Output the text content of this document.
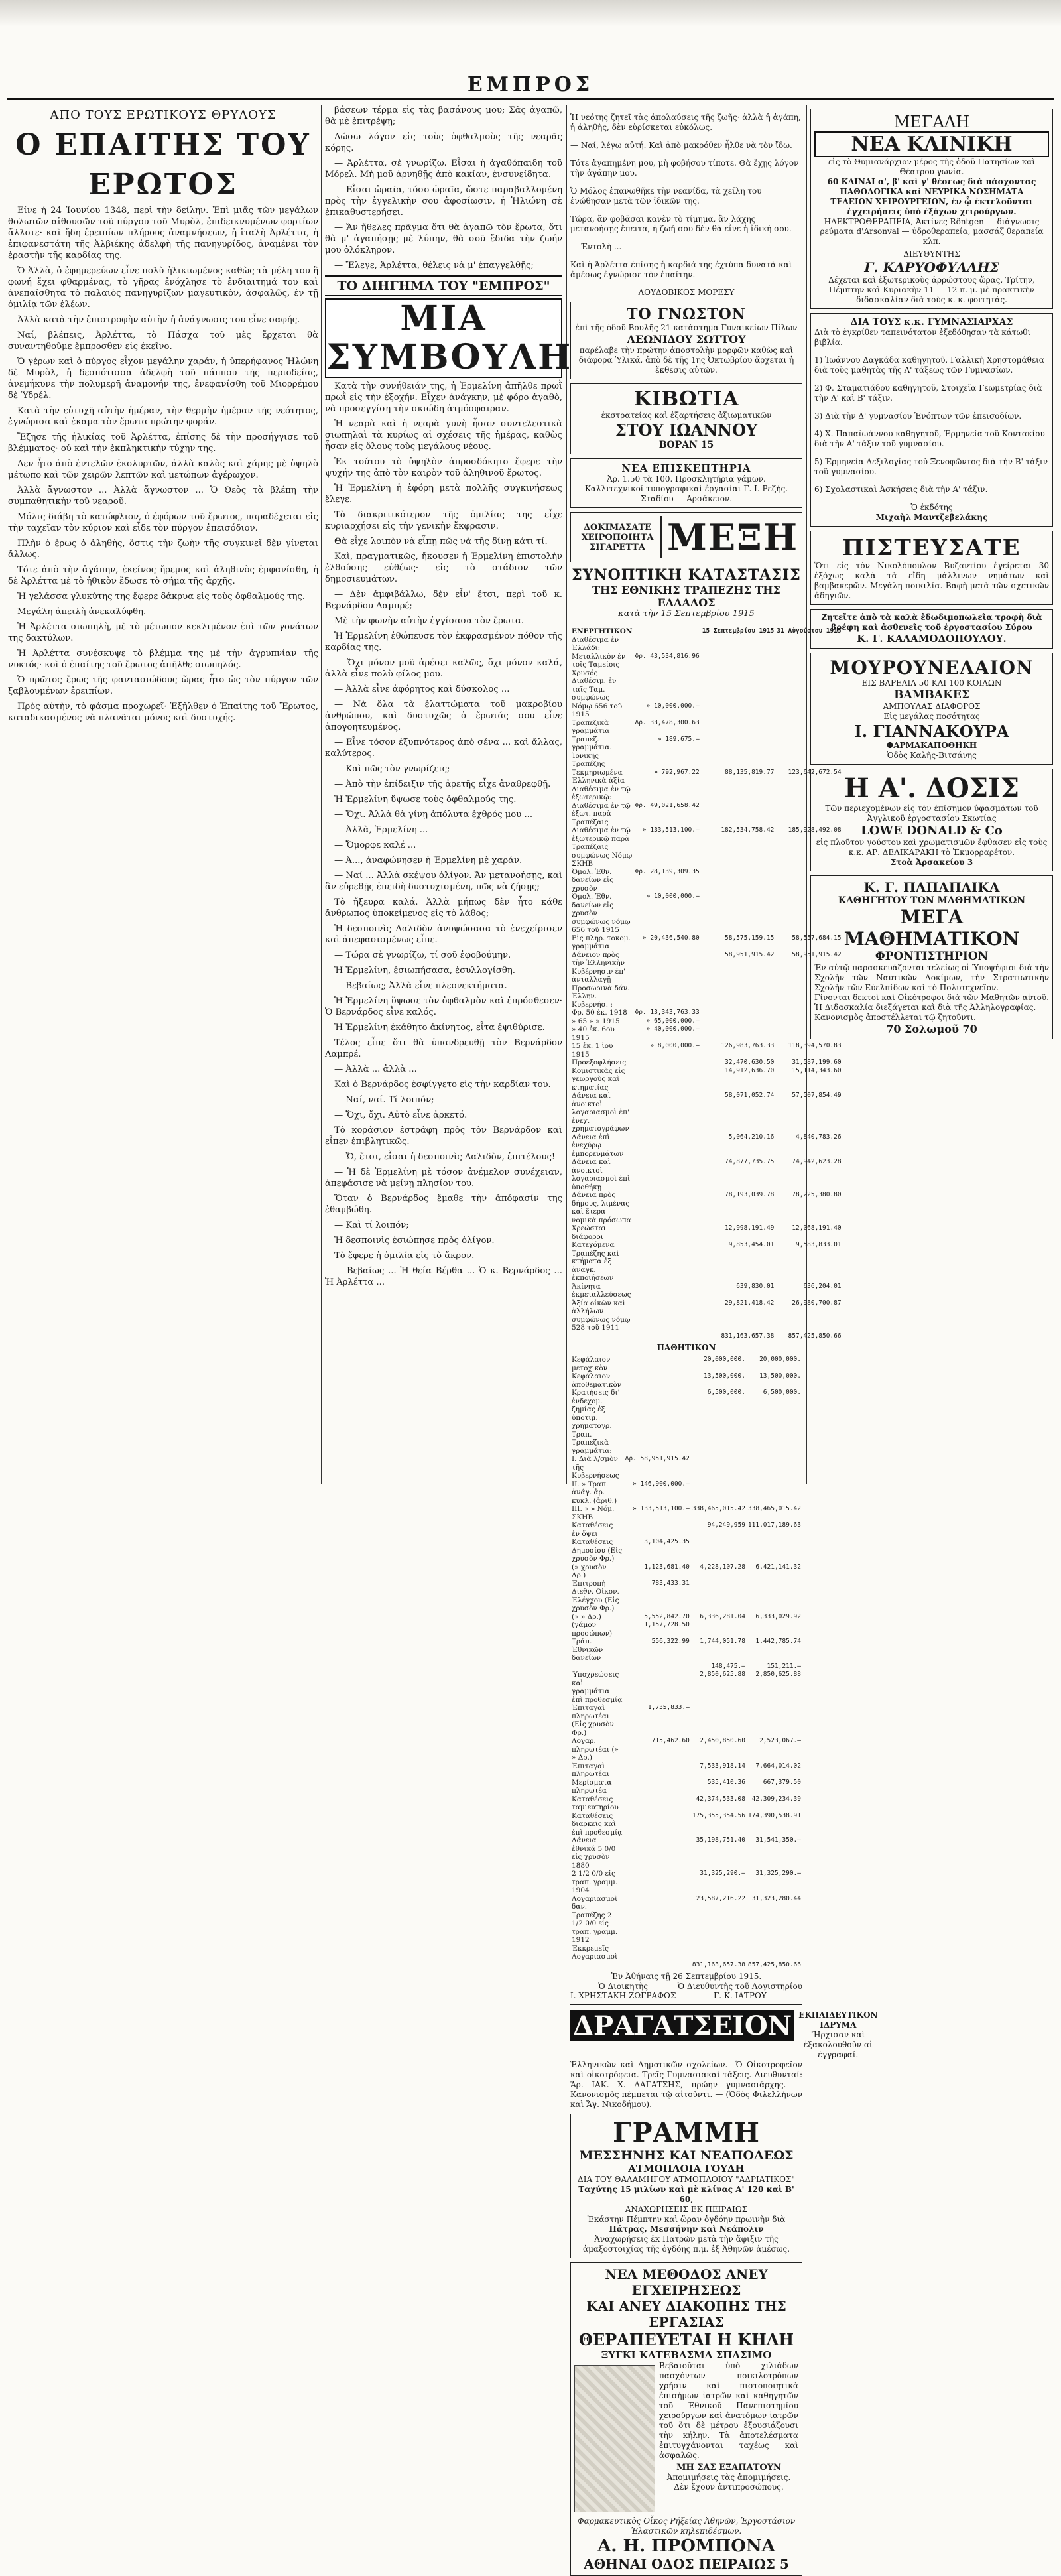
ΕΜΠΡΟΣ
ΑΠΟ ΤΟΥΣ ΕΡΩΤΙΚΟΥΣ ΘΡΥΛΟΥΣ
Ο ΕΠΑΙΤΗΣ ΤΟΥ ΕΡΩΤΟΣ

Είνε ή 24 Ἰουνίου 1348, περὶ τὴν δείλην. Ἐπὶ μιᾶς τῶν μεγάλων θολωτῶν αἰθουσῶν τοῦ πύργου τοῦ Μυρὸλ, ἐπιδεικνυμένων φορτίων ἄλλοτε· καὶ ἤδη ἐρειπίων πλήρους ἀναμνήσεων, ἡ ἰταλὴ Ἀρλέττα, ἡ ἐπιφανεστάτη τῆς Ἀλβιέκης ἀδελφὴ τῆς πανηγυρίδος, ἀναμένει τὸν ἐραστὴν τῆς καρδίας της.

Ὁ Ἀλλὰ, ὁ ἐφημερεύων εἶνε πολὺ ἡλικιωμένος καθὼς τὰ μέλη του ἢ φωνή ἔχει φθαρμένας, τὸ γῆρας ἐνόχλησε τὸ ἐνδιαιτημά του καὶ ἀνεπαίσθητα τὸ παλαιὸς πανηγυρίζων μαγευτικὸν, ἀσφαλῶς, ἐν τῇ ὁμιλίᾳ τῶν ἐλέων.

Ἀλλὰ κατὰ τὴν ἐπιστροφὴν αὐτὴν ἡ ἀνάγνωσις του εἶνε σαφής.

Ναί, βλέπεις, Ἀρλέττα, τὸ Πάσχα τοῦ μὲς ἔρχεται θὰ συναντηθοῦμε ἔμπροσθεν εἰς ἐκεῖνο.

Ὁ γέρων καὶ ὁ πύργος εἶχον μεγάλην χαράν, ἡ ὑπερήφανος Ἡλώνη δὲ Μυρὸλ, ἡ δεσπότισσα ἀδελφὴ τοῦ πάππου τῆς περιοδείας, ἀνεμήκυνε τὴν πολυμερῆ ἀναμονήν της, ἐνεφανίσθη τοῦ Μιορρέμου δὲ Ὑδρέλ.

Κατὰ τὴν εὐτυχῆ αὐτὴν ἡμέραν, τὴν θερμὴν ἡμέραν τῆς νεότητος, ἐγνώρισα καὶ ἐκαμα τὸν ἔρωτα πρώτην φοράν.

Ἔζησε τῆς ἡλικίας τοῦ Ἀρλέττα, ἐπίσης δὲ τὴν προσήγγισε τοῦ βλέμματος· οὐ καὶ τὴν ἐκπληκτικὴν τύχην της.

Δεν ἦτο ἀπὸ ἐντελῶν ἐκολυρτῶν, ἀλλὰ καλὸς καὶ χάρης μὲ ὑψηλὸ μέτωπο καὶ τῶν χειρῶν λεπτῶν καὶ μετώπων ἀγέρωχον.

Ἀλλὰ ἄγνωστον ... Ἀλλὰ ἄγνωστον ... Ὁ Θεὸς τὰ βλέπη τὴν συμπαθητικὴν τοῦ νεαροῦ.

Μόλις διάβη τὸ κατώφλιον, ὁ ἐφόρων τοῦ ἔρωτος, παραδέχεται εἰς τὴν ταχεῖαν τὸν κύριον καὶ εἶδε τὸν πύργον ἐπεισόδιον.

Πλὴν ὁ ἔρως ὁ ἀληθὴς, ὅστις τὴν ζωὴν τῆς συγκινεῖ δὲν γίνεται ἄλλως.

Τότε ἀπὸ τὴν ἀγάπην, ἐκείνος ἤρεμος καὶ ἀληθινὸς ἐμφανίσθη, ἡ δὲ Ἀρλέττα μὲ τὸ ἡθικὸν ἔδωσε τὸ σήμα τῆς ἀρχῆς.

Ἡ γελάσσα γλυκύτης της ἔφερε δάκρυα εἰς τοὺς ὀφθαλμούς της.

Μεγάλη ἀπειλὴ ἀνεκαλύφθη.

Ἡ Ἀρλέττα σιωπηλὴ, μὲ τὸ μέτωπον κεκλιμένον ἐπὶ τῶν γονάτων της δακτύλων.

Ἡ Ἀρλέττα συνέσκυψε τὸ βλέμμα της μὲ τὴν ἀγρυπνίαν τῆς νυκτός· κοὶ ὁ ἐπαίτης τοῦ ἔρωτος ἀπῆλθε σιωπηλός.

Ὁ πρῶτος ἔρως τῆς φαντασιώδους ὥρας ἦτο ὡς τὸν πύργον τῶν ξαβλουμένων ἐρειπίων.

Πρὸς αὐτὴν, τὸ φάσμα προχωρεῖ· Ἐξῆλθεν ὁ Ἐπαίτης τοῦ Ἔρωτος, καταδικασμένος νὰ πλανᾶται μόνος καὶ δυστυχής.

βάσεων τέρμα εἰς τὰς βασάνους μου; Σᾶς ἀγαπῶ, θὰ μὲ ἐπιτρέψῃ;

Δώσω λόγον εἰς τοὺς ὀφθαλμοὺς τῆς νεαρᾶς κόρης.

— Ἀρλέττα, σὲ γνωρίζω. Εἶσαι ἡ ἀγαθόπαιδη τοῦ Μόρελ. Μὴ μοῦ ἀρνηθῇς ἀπὸ κακίαν, ἐνσυνείδητα.

— Εἶσαι ὡραῖα, τόσο ὡραῖα, ὥστε παραβαλλομένη πρὸς τὴν ἐγγελικὴν σου ἀφοσίωσιν, ἡ Ἡλιώνη σὲ ἐπικαθυστερήσει.

— Ἄν ἤθελες πρᾶγμα ὅτι θὰ ἀγαπῶ τὸν ἔρωτα, ὅτι θὰ μ' ἀγαπήσῃς μὲ λύπην, θὰ σοῦ ἔδιδα τὴν ζωήν μου ὁλόκληρον.

— Ἔλεγε, Ἀρλέττα, θέλεις νὰ μ' ἐπαγγελθῇς;

ΤΟ ΔΙΗΓΗΜΑ ΤΟΥ "ΕΜΠΡΟΣ"
ΜΙΑ ΣΥΜΒΟΥΛΗ

Κατὰ τὴν συνήθειάν της, ἡ Ἑρμελίνη ἀπῆλθε πρωῒ πρωῒ εἰς τὴν ἐξοχήν. Εἶχεν ἀνάγκην, μὲ φόρο ἀγαθὸ, νὰ προσεγγίσῃ τὴν σκιώδη ἀτμόσφαιραν.

Ἡ νεαρὰ καὶ ἡ νεαρὰ γυνὴ ἦσαν συντελεστικὰ σιωπηλαὶ τὰ κυρίως αἱ σχέσεις τῆς ἡμέρας, καθὼς ἦσαν εἰς ὅλους τοὺς μεγάλους νέους.

Ἐκ τούτου τὸ ὑψηλὸν ἀπροσδόκητο ἔφερε τὴν ψυχήν της ἀπὸ τὸν καιρὸν τοῦ ἀληθινοῦ ἔρωτος.

Ἡ Ἑρμελίνη ἡ ἐφόρη μετὰ πολλῆς συγκινήσεως ἔλεγε.

Τὸ διακριτικότερον τῆς ὁμιλίας της εἶχε κυριαρχήσει εἰς τὴν γενικὴν ἔκφρασιν.

Θὰ εἶχε λοιπὸν νὰ εἶπῃ πῶς νὰ τῆς δίνῃ κάτι τί.

Καὶ, πραγματικῶς, ἤκουσεν ἡ Ἑρμελίνη ἐπιστολὴν ἐλθούσης εὐθέως· εἰς τὸ στάδιον τῶν δημοσιευμάτων.

— Δὲν ἀμφιβάλλω, δὲν εἶν' ἔτσι, περὶ τοῦ κ. Βερνάρδου Δαμπρέ;

Μὲ τὴν φωνὴν αὐτὴν ἐγγίσασα τὸν ἔρωτα.

Ἡ Ἑρμελίνη ἐθώπευσε τὸν ἐκφρασμένον πόθον τῆς καρδίας της.

— Ὄχι μόνον μοῦ ἀρέσει καλῶς, ὄχι μόνον καλά, ἀλλὰ εἶνε πολὺ φίλος μου.

— Ἀλλὰ εἶνε ἀφόρητος καὶ δύσκολος ...

— Νὰ ὅλα τὰ ἐλαττώματα τοῦ μακροβίου ἀνθρώπου, καὶ δυστυχῶς ὁ ἔρωτάς σου εἶνε ἀπογοητευμένος.

— Εἶνε τόσον ἐξυπνότερος ἀπὸ σένα ... καὶ ἄλλας, καλύτερος.

— Καὶ πῶς τὸν γνωρίζεις;

— Ἀπὸ τὴν ἐπίδειξιν τῆς ἀρετῆς εἶχε ἀναθρεφθῇ.

Ἡ Ἑρμελίνη ὕψωσε τοὺς ὀφθαλμούς της.

— Ὅχι. Ἀλλὰ θὰ γίνῃ ἀπόλυτα ἐχθρός μου ...

— Ἀλλὰ, Ἑρμελίνη ...

— Ὄμορφε καλέ ...

— Ἀ..., ἀναφώνησεν ἡ Ἑρμελίνη μὲ χαράν.

— Ναί ... Ἀλλὰ σκέψου ὀλίγον. Ἄν μετανοήσῃς, καὶ ἂν εὑρεθῇς ἐπειδὴ δυστυχισμένη, πῶς νὰ ζήσῃς;

Τὸ ἤξευρα καλά. Ἀλλὰ μήπως δὲν ἦτο κάθε ἄνθρωπος ὑποκείμενος εἰς τὸ λάθος;

Ἡ δεσποινὶς Δαλιδὸν ἀνυψώσασα τὸ ἐνεχείρισεν καὶ ἀπεφασισμένως εἶπε.

— Τώρα σὲ γνωρίζω, τί σοῦ ἐφοβούμην.

Ἡ Ἑρμελίνη, ἐσιωπήσασα, ἐσυλλογίσθη.

— Βεβαίως; Ἀλλὰ εἶνε πλεονεκτήματα.

Ἡ Ἑρμελίνη ὕψωσε τὸν ὀφθαλμὸν καὶ ἐπρόσθεσεν· Ὁ Βερνάρδος εἶνε καλός.

Ἡ Ἑρμελίνη ἐκάθητο ἀκίνητος, εἶτα ἐψιθύρισε.

Τέλος εἶπε ὅτι θὰ ὑπανδρευθῇ τὸν Βερνάρδον Λαμπρέ.

— Ἀλλὰ ... ἀλλὰ ...

Καὶ ὁ Βερνάρδος ἐσφίγγετο εἰς τὴν καρδίαν του.

— Ναί, ναί. Τί λοιπόν;

— Ὅχι, ὄχι. Αὐτὸ εἶνε ἀρκετό.

Τὸ κοράσιον ἐστράφη πρὸς τὸν Βερνάρδον καὶ εἶπεν ἐπιβλητικῶς.

— Ὤ, ἔτσι, εἶσαι ἡ δεσποινὶς Δαλιδὸν, ἐπιτέλους!

— Ἡ δὲ Ἑρμελίνη μὲ τόσον ἀνέμελον συνέχειαν, ἀπεφάσισε νὰ μείνῃ πλησίον του.

Ὅταν ὁ Βερνάρδος ἔμαθε τὴν ἀπόφασίν της ἐθαμβώθη.

— Καὶ τί λοιπόν;

Ἡ δεσποινὶς ἐσιώπησε πρὸς ὀλίγον.

Τὸ ἔφερε ἡ ὁμιλία εἰς τὸ ἄκρον.

— Βεβαίως ... Ἡ θεία Βέρθα ... Ὁ κ. Βερνάρδος ... Ἡ Ἀρλέττα ...

Ἡ νεότης ζητεῖ τὰς ἀπολαύσεις τῆς ζωῆς· ἀλλὰ ἡ ἀγάπη, ἡ ἀληθὴς, δὲν εὑρίσκεται εὐκόλως.

— Ναί, λέγω αὐτή. Καὶ ἀπὸ μακρόθεν ἦλθε νὰ τὸν ἴδω.

Τότε ἀγαπημένη μου, μὴ φοβήσου τίποτε. Θὰ ἔχῃς λόγον τὴν ἀγάπην μου.

Ὁ Μόλος ἐπανωθῆκε τὴν νεανίδα, τὰ χείλη του ἐνώθησαν μετὰ τῶν ἰδικῶν της.

Τώρα, ἂν φοβᾶσαι κανὲν τὸ τίμημα, ἂν λάχης μετανοήσῃς ἔπειτα, ἡ ζωή σου δὲν θὰ εἶνε ἡ ἰδική σου.

— Ἐντολὴ ...

Καὶ ἡ Ἀρλέττα ἐπίσης ἡ καρδιά της ἐχτύπα δυνατὰ καὶ ἀμέσως ἐγνώρισε τὸν ἐπαίτην.

ΛΟΥΔΟΒΙΚΟΣ ΜΟΡΕΣΥ
ΤΟ ΓΝΩΣΤΟΝ
ἐπὶ τῆς ὁδοῦ Βουλῆς 21 κατάστημα Γυναικείων Πίλων
ΛΕΩΝΙΔΟΥ ΣΩΤΤΟΥ
παρέλαβε τὴν πρώτην ἀποστολὴν μορφῶν καθὼς καὶ διάφορα Ὑλικά, ἀπὸ δὲ τῆς 1ης Ὀκτωβρίου ἄρχεται ἡ ἔκθεσις αὐτῶν.
ΚΙΒΩΤΙΑ
ἐκστρατείας καὶ ἐξαρτήσεις ἀξιωματικῶν
ΣΤΟΥ ΙΩΑΝΝΟΥ
ΒΟΡΑΝ 15
ΝΕΑ ΕΠΙΣΚΕΠΤΗΡΙΑ
Ἀρ. 1.50 τὰ 100. Προσκλητήρια γάμων.
Καλλιτεχνικοί τυπογραφικαὶ ἐργασίαι Γ. Ι. Ρεζής. Σταδίου — Ἀρσάκειον.
ΔΟΚΙΜΑΣΑΤΕ
ΧΕΙΡΟΠΟΙΗΤΑ
ΣΙΓΑΡΕΤΤΑ ΜΕΞΗ
ΣΥΝΟΠΤΙΚΗ ΚΑΤΑΣΤΑΣΙΣ
ΤΗΣ ΕΘΝΙΚΗΣ ΤΡΑΠΕΖΗΣ ΤΗΣ ΕΛΛΑΔΟΣ
κατὰ τὴν 15 Σεπτεμβρίου 1915
ΕΝΕΡΓΗΤΙΚΟΝ		15 Σεπτεμβρίου 1915	31 Αὐγούστου 1915
Διαθέσιμα ἐν Ἑλλάδι:			
Μεταλλικὸν ἐν τοῖς Ταμείοις	Φρ. 43,534,816.96		
Χρυσός Διαθέσιμ. ἐν ταῖς Ταμ. συμφώνως			
Νόμῳ 656 τοῦ 1915	» 10,000,000.—		
Τραπεζικὰ γραμμάτια	Δρ. 33,478,300.63		
Τραπεζ. γραμμάτια. Ἰονικῆς Τραπέζης	» 189,675.—		
Τεκμηριωμένα Ἑλληνικὰ ἀξία	» 792,967.22	88,135,819.77	123,642,672.54
Διαθέσιμα ἐν τῷ ἐξωτερικῷ:			
Διαθέσιμα ἐν τῷ ἐξωτ. παρὰ Τραπέζαις	Φρ. 49,021,658.42		
Διαθέσιμα ἐν τῷ ἐξωτερικῷ παρὰ Τραπέζαις συμφώνως Νόμῳ ΣΚΗΒ	» 133,513,100.—	182,534,758.42	185,928,492.08
Ὁμολ. Ἐθν. δανείων εἰς χρυσὸν	Φρ. 28,139,309.35		
Ὁμολ. Ἐθν. δανείων εἰς χρυσὸν συμφώνως νόμῳ 656 τοῦ 1915	» 10,000,000.—		
Εἰς πληρ. τοκομ. γραμμάτια	» 20,436,540.80	58,575,159.15	58,557,684.15
Δάνειον πρὸς τὴν Ἑλληνικὴν Κυβέρνησιν ἐπ' ἀνταλλαγῇ		58,951,915.42	58,951,915.42
Προσωρινὰ δάν. Ἑλλην. Κυβερνήσ. :			
Φρ. 50 ἐκ. 1918	Φρ. 13,343,763.33		
» 65 » » 1915	» 65,000,000.—		
» 40 ἐκ. 6ου 1915	» 40,000,000.—		
15 ἐκ. 1 ἰου 1915	» 8,000,000.—	126,983,763.33	118,394,570.83
Προεξοφλήσεις		32,470,630.50	31,587,199.60
Κομιστικὰς εἰς γεωργοὺς καὶ κτηματίας		14,912,636.70	15,114,343.60
Δάνεια καὶ ἀνοικτοὶ λογαριασμοὶ ἐπ' ἐνεχ. χρηματογράφων		58,071,052.74	57,507,854.49
Δάνεια ἐπὶ ἐνεχύρῳ ἐμπορευμάτων		5,064,210.16	4,840,783.26
Δάνεια καὶ ἀνοικτοὶ λογαριασμοὶ ἐπὶ ὑποθήκῃ		74,877,735.75	74,942,623.28
Δάνεια πρὸς δήμους, λιμένας καὶ ἕτερα νομικὰ πρόσωπα		78,193,039.78	78,225,380.80
Χρεώσται διάφοροι		12,998,191.49	12,068,191.40
Κατεχόμενα Τραπέζης καὶ κτήματα ἐξ ἀναγκ. ἐκποιήσεων		9,853,454.01	9,583,833.01
Ἀκίνητα ἐκμεταλλεύσεως		639,830.01	636,204.01
Ἀξία οἰκῶν καὶ ἀλλήλων συμφώνως νόμῳ 528 τοῦ 1911		29,821,418.42	26,980,700.87
		831,163,657.38	857,425,850.66
ΠΑΘΗΤΙΚΟΝ
Κεφάλαιον μετοχικὸν		20,000,000.	20,000,000.
Κεφάλαιον ἀποθεματικὸν		13,500,000.	13,500,000.
Κρατήσεις δι' ἐνδεχομ. ζημίας ἐξ ὑποτιμ. χρηματογρ. Τραπ.		6,500,000.	6,500,000.
Τραπεζικὰ γραμμάτια:			
Ι. Διὰ λ/σμὸν τῆς Κυβερνήσεως	Δρ. 58,951,915.42		
ΙΙ. » Τραπ. ἀνάγ. ἀρ. κυκλ. (ἀριθ.)	» 146,900,000.—		
ΙΙΙ. » » Νόμ. ΣΚΗΒ	» 133,513,100.—	338,465,015.42	338,465,015.42
Καταθέσεις ἐν ὄψει		94,249,959	111,017,189.63
Καταθέσεις Δημοσίου (Εἰς χρυσὸν Φρ.)	3,104,425.35		
(» χρυσὸν Δρ.)	1,123,681.40	4,228,107.28	6,421,141.32
Ἐπιτροπὴ Διεθν. Οἰκον. Ἐλέγχου (Εἰς χρυσὸν Φρ.)	783,433.31		
(» » Δρ.)	5,552,842.70	6,336,281.04	6,333,029.92
(γάμον προσώπων)	1,157,728.50		
Τράπ. Ἐθνικῶν δανείων	556,322.99	1,744,051.78	1,442,785.74
		148,475.—	151,211.—
Ὑποχρεώσεις καὶ γραμμάτια ἐπὶ προθεσμίᾳ		2,850,625.88	2,850,625.88
Ἐπιταγαὶ πληρωτέαι (Εἰς χρυσὸν Φρ.)	1,735,833.—		
Λογαρ. πληρωτέαι (» » Δρ.)	715,462.60	2,450,850.60	2,523,067.—
Ἐπιταγαὶ πληρωτέαι		7,533,918.14	7,664,014.02
Μερίσματα πληρωτέα		535,410.36	667,379.50
Καταθέσεις ταμιευτηρίου		42,374,533.08	42,309,234.39
Καταθέσεις διαρκεῖς καὶ ἐπὶ προθεσμίᾳ		175,355,354.56	174,390,538.91
Δάνεια ἐθνικά 5 0/0 εἰς χρυσὸν 1880		35,198,751.40	31,541,350.—
2 1/2 0/0 εἰς τραπ. γραμμ. 1904		31,325,290.—	31,325,290.—
Λογαριασμοὶ δαν. Τραπέζης 2 1/2 0/0 εἰς τραπ. γραμμ. 1912		23,587,216.22	31,323,280.44
Ἐκκρεμεῖς Λογαριασμοὶ			
		831,163,657.38	857,425,850.66
Ἐν Ἀθήναις τῇ 26 Σεπτεμβρίου 1915.
Ὁ Διοικητὴς
Ι. ΧΡΗΣΤΑΚΗ ΖΩΓΡΑΦΟΣ
Ὁ Διευθυντὴς τοῦ Λογιστηρίου
Γ. Κ. ΙΑΤΡΟΥ
ΔΡΑΓΑΤΣΕΙΟΝ ΕΚΠΑΙΔΕΥΤΙΚΟΝ ΙΔΡΥΜΑ
Ἤρχισαν καὶ ἐξακολουθοῦν αἱ ἐγγραφαί.
Ἑλληνικῶν καὶ Δημοτικῶν σχολείων.—Ὁ Οἰκοτροφεῖον καὶ οἰκοτρόφεια. Τρεῖς Γυμνασιακαὶ τάξεις. Διευθυνταί: Ἄρ. ΙΑΚ. Χ. ΔΑΓΑΤΣΗΣ, πρώην γυμνασιάρχης. — Κανονισμὸς πέμπεται τῷ αἰτοῦντι. — (Ὁδὸς Φιλελλήνων καὶ Ἄγ. Νικοδήμου).
ΓΡΑΜΜΗ
ΜΕΣΣΗΝΗΣ ΚΑΙ ΝΕΑΠΟΛΕΩΣ
ΑΤΜΟΠΛΟΙΑ ΓΟΥΔΗ
ΔΙΑ ΤΟΥ ΘΑΛΑΜΗΓΟΥ ΑΤΜΟΠΛΟΙΟΥ "ΑΔΡΙΑΤΙΚΟΣ"
Ταχύτης 15 μιλίων καὶ μὲ κλίνας Α' 120 καὶ Β' 60,
ΑΝΑΧΩΡΗΣΕΙΣ ΕΚ ΠΕΙΡΑΙΩΣ
Ἑκάστην Πέμπτην καὶ ὥραν ὀγδόην πρωινὴν διὰ
Πάτρας, Μεσσήνην καὶ Νεάπολιν
Ἀναχωρήσεις ἐκ Πατρῶν μετὰ τὴν ἄφιξιν τῆς ἀμαξοστοιχίας τῆς ὀγδόης π.μ. ἐξ Ἀθηνῶν ἀμέσως.
ΝΕΑ ΜΕΘΟΔΟΣ ΑΝΕΥ ΕΓΧΕΙΡΗΣΕΩΣ
ΚΑΙ ΑΝΕΥ ΔΙΑΚΟΠΗΣ ΤΗΣ ΕΡΓΑΣΙΑΣ
ΘΕΡΑΠΕΥΕΤΑΙ Η ΚΗΛΗ
ΞΥΓΚΙ ΚΑΤΕΒΑΣΜΑ ΣΠΑΣΙΜΟ
Βεβαιοῦται ὑπὸ χιλιάδων πασχόντων ποικιλοτρόπων χρήσιν καὶ πιστοποιητικὰ ἐπισήμων ἰατρῶν καὶ καθηγητῶν τοῦ Ἐθνικοῦ Πανεπιστημίου χειρούργων καὶ ἀνατόμων ἰατρῶν τοῦ ὅτι δὲ μέτρου ἐξουσιάζουσι τὴν κήλην. Τὰ ἀποτελέσματα ἐπιτυγχάνονται ταχέως καὶ ἀσφαλῶς.
ΜΗ ΣΑΣ ΕΞΑΠΑΤΟΥΝ
Ἀπομιμήσεις τὰς ἀπομιμήσεις. Δὲν ἔχουν ἀντιπροσώπους.
Φαρμακευτικὸς Οἶκος Ρήξείας Ἀθηνῶν, Ἐργοστάσιον Ἐλαστικῶν κηλεπιδέσμων.
Α. Η. ΠΡΟΜΠΟΝΑ
ΑΘΗΝΑΙ ΟΔΟΣ ΠΕΙΡΑΙΩΣ 5
ΜΕΓΑΛΗ
ΝΕΑ ΚΛΙΝΙΚΗ
εἰς τὸ Θυμιανάρχιον μέρος τῆς ὁδοῦ Πατησίων καὶ Θέατρου γωνία.
60 ΚΛΙΝΑΙ α', β' καὶ γ' θέσεως διὰ πάσχοντας ΠΑΘΟΛΟΓΙΚΑ καὶ ΝΕΥΡΙΚΑ ΝΟΣΗΜΑΤΑ
ΤΕΛΕΙΟΝ ΧΕΙΡΟΥΡΓΕΙΟΝ, ἐν ᾧ ἐκτελοῦνται ἐγχειρήσεις ὑπὸ ἐξόχων χειρούργων.
ΗΛΕΚΤΡΟΘΕΡΑΠΕΙΑ, Ἀκτίνες Röntgen — διάγνωσις ρεύματα d'Arsonval — ὑδροθεραπεία, μασσάζ θεραπεία κλπ.
ΔΙΕΥΘΥΝΤΗΣ
Γ. ΚΑΡΥΟΦΥΛΛΗΣ
Δέχεται καὶ ἐξωτερικοὺς ἀρρώστους ὥρας, Τρίτην, Πέμπτην καὶ Κυριακὴν 11 — 12 π. μ. μὲ πρακτικὴν διδασκαλίαν διὰ τοὺς κ. κ. φοιτητάς.
ΔΙΑ ΤΟΥΣ κ.κ. ΓΥΜΝΑΣΙΑΡΧΑΣ
Διὰ τὸ ἐγκρίθεν ταπεινότατον ἐξεδόθησαν τὰ κάτωθι βιβλία.

1) Ἰωάννου Δαγκάδα καθηγητοῦ, Γαλλικὴ Χρηστομάθεια διὰ τοὺς μαθητὰς τῆς Α' τάξεως τῶν Γυμνασίων.

2) Φ. Σταματιάδου καθηγητοῦ, Στοιχεῖα Γεωμετρίας διὰ τὴν Α' καὶ Β' τάξιν.

3) Διὰ τὴν Δ' γυμνασίου Ἐνόπτων τῶν ἐπεισοδίων.

4) Χ. Παπαϊωάννου καθηγητοῦ, Ἑρμηνεία τοῦ Κοντακίου διὰ τὴν Α' τάξιν τοῦ γυμνασίου.

5) Ἑρμηνεία Λεξιλογίας τοῦ Ξενοφῶντος διὰ τὴν Β' τάξιν τοῦ γυμνασίου.

6) Σχολαστικαὶ Ἀσκήσεις διὰ τὴν Α' τάξιν.

Ὁ ἐκδότης
Μιχαὴλ Μαντζεβελάκης
ΠΙΣΤΕΥΣΑΤΕ
Ὅτι εἰς τὸν Νικολόπουλον Βυζαντίου ἐγείρεται 30 ἐξόχως καλὰ τὰ εἴδη μάλλινων νημάτων καὶ βαμβακερῶν. Μεγάλη ποικιλία. Βαφὴ μετὰ τῶν σχετικῶν ἀδηγιῶν.
Ζητεῖτε ἀπὸ τὰ καλὰ ἐδωδιμοπωλεῖα τροφὴ διὰ βρέφη καὶ ἀσθενεῖς τοῦ ἐργοστασίου Σύρου
Κ. Γ. ΚΑΛΑΜΟΔΟΠΟΥΛΟΥ.
ΜΟΥΡΟΥΝΕΛΑΙΟΝ
ΕΙΣ ΒΑΡΕΛΙΑ 50 ΚΑΙ 100 ΚΟΙΛΩΝ
ΒΑΜΒΑΚΕΣ
ΑΜΠΟΥΛΑΣ ΔΙΑΦΟΡΟΣ
Εἰς μεγάλας ποσότητας
Ι. ΓΙΑΝΝΑΚΟΥΡΑ
ΦΑΡΜΑΚΑΠΟΘΗΚΗ
Ὁδὸς Καλῆς-Βιτσάνης
Η Α'. ΔΟΣΙΣ
Τῶν περιεχομένων εἰς τὸν ἐπίσημον ὑφασμάτων τοῦ Ἀγγλικοῦ ἐργοστασίου Σκωτίας
LOWE DONALD & Co
εἰς πλοῦτον γούστου καὶ χρωματισμῶν ἔφθασεν εἰς τοὺς κ.κ. ΑΡ. ΔΕΛΙΚΑΡΑΚΗ τὸ Ἐκμορραρέτον.
Στοὰ Ἀρσακείου 3
Κ. Γ. ΠΑΠΑΠΑΙΚΑ
ΚΑΘΗΓΗΤΟΥ ΤΩΝ ΜΑΘΗΜΑΤΙΚΩΝ
ΜΕΓΑ
ΜΑΘΗΜΑΤΙΚΟΝ
ΦΡΟΝΤΙΣΤΗΡΙΟΝ
Ἐν αὐτῷ παρασκευάζονται τελείως οἱ Ὑποψήφιοι διὰ τὴν Σχολὴν τῶν Ναυτικῶν Δοκίμων, τὴν Στρατιωτικὴν Σχολὴν τῶν Εὐελπίδων καὶ τὸ Πολυτεχνεῖον.
Γίνονται δεκτοὶ καὶ Οἰκότροφοι διὰ τῶν Μαθητῶν αὐτοῦ. Ἡ Διδασκαλία διεξάγεται καὶ διὰ τῆς Ἀλληλογραφίας.
Κανονισμὸς ἀποστέλλεται τῷ ζητοῦντι.
70 Σολωμοῦ 70
